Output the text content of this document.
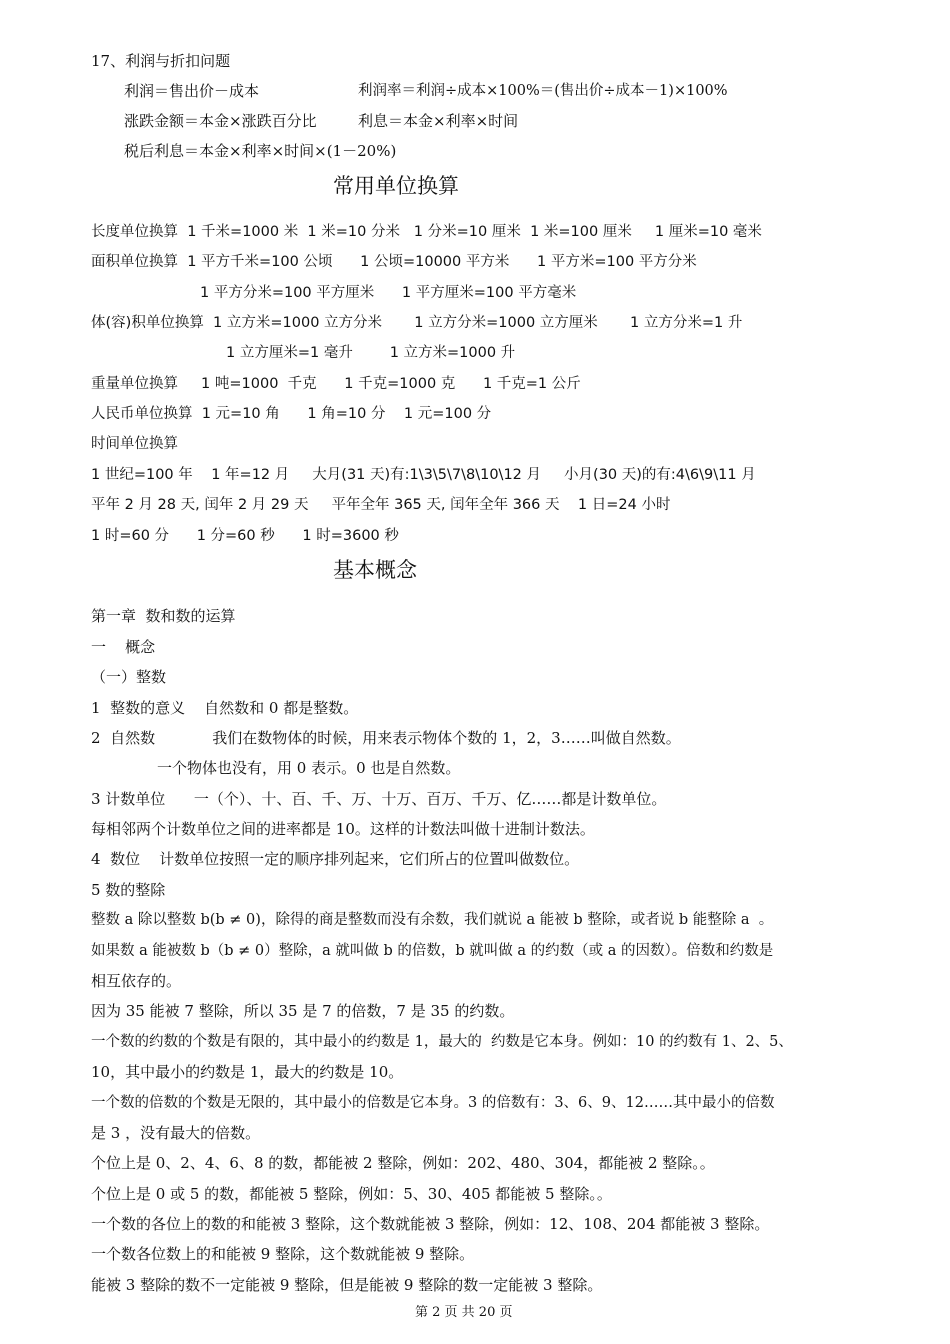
17、利润与折扣问题
利润＝售出价－成本	利润率＝利润÷成本×100%＝(售出价÷成本－1)×100%
涨跌金额＝本金×涨跌百分比	利息＝本金×利率×时间
税后利息＝本金×利率×时间×(1－20%)
常用单位换算
长度单位换算  1 千米=1000 米  1 米=10 分米   1 分米=10 厘米  1 米=100 厘米     1 厘米=10 毫米
面积单位换算  1 平方千米=100 公顷      1 公顷=10000 平方米      1 平方米=100 平方分米
1 平方分米=100 平方厘米      1 平方厘米=100 平方毫米
体(容)积单位换算  1 立方米=1000 立方分米       1 立方分米=1000 立方厘米       1 立方分米=1 升
1 立方厘米=1 毫升        1 立方米=1000 升
重量单位换算     1 吨=1000  千克      1 千克=1000 克      1 千克=1 公斤
人民币单位换算  1 元=10 角      1 角=10 分    1 元=100 分
时间单位换算
1 世纪=100 年    1 年=12 月     大月(31 天)有:1\3\5\7\8\10\12 月     小月(30 天)的有:4\6\9\11 月
平年 2 月 28 天, 闰年 2 月 29 天     平年全年 365 天, 闰年全年 366 天    1 日=24 小时
1 时=60 分      1 分=60 秒      1 时=3600 秒
基本概念
第一章  数和数的运算
一    概念
（一）整数
1  整数的意义    自然数和 0 都是整数。
2  自然数            我们在数物体的时候，用来表示物体个数的 1，2，3……叫做自然数。
一个物体也没有，用 0 表示。0 也是自然数。
3 计数单位      一（个）、十、百、千、万、十万、百万、千万、亿……都是计数单位。
每相邻两个计数单位之间的进率都是 10。这样的计数法叫做十进制计数法。
4  数位    计数单位按照一定的顺序排列起来，它们所占的位置叫做数位。
5 数的整除
整数 a 除以整数 b(b ≠ 0)，除得的商是整数而没有余数，我们就说 a 能被 b 整除，或者说 b 能整除 a  。
如果数 a 能被数 b（b ≠ 0）整除，a 就叫做 b 的倍数，b 就叫做 a 的约数（或 a 的因数）。倍数和约数是
相互依存的。
因为 35 能被 7 整除，所以 35 是 7 的倍数，7 是 35 的约数。
一个数的约数的个数是有限的，其中最小的约数是 1，最大的  约数是它本身。例如：10 的约数有 1、2、5、
10，其中最小的约数是 1，最大的约数是 10。
一个数的倍数的个数是无限的，其中最小的倍数是它本身。3 的倍数有：3、6、9、12……其中最小的倍数
是 3 ，没有最大的倍数。
个位上是 0、2、4、6、8 的数，都能被 2 整除，例如：202、480、304，都能被 2 整除。。
个位上是 0 或 5 的数，都能被 5 整除，例如：5、30、405 都能被 5 整除。。
一个数的各位上的数的和能被 3 整除，这个数就能被 3 整除，例如：12、108、204 都能被 3 整除。
一个数各位数上的和能被 9 整除，这个数就能被 9 整除。
能被 3 整除的数不一定能被 9 整除，但是能被 9 整除的数一定能被 3 整除。
第 2 页 共 20 页
